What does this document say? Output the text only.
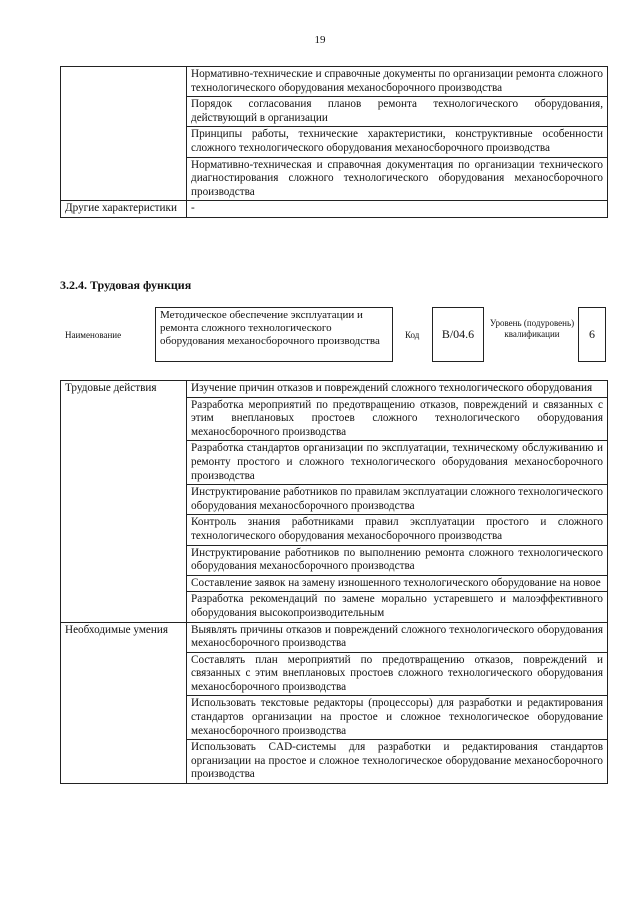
19
	Нормативно-технические и справочные документы по организации ремонта сложного технологического оборудования механосборочного производства
	Порядок согласования планов ремонта технологического оборудования, действующий в организации
	Принципы работы, технические характеристики, конструктивные особенности сложного технологического оборудования механосборочного производства
	Нормативно-техническая и справочная документация по организации технического диагностирования сложного технологического оборудования механосборочного производства
Другие характеристики	-
3.2.4. Трудовая функция
Наименование
Методическое обеспечение эксплуатации и ремонта сложного технологического оборудования механосборочного производства
Код	B/04.6
Уровень (подуровень) квалификации	6
Трудовые действия	Изучение причин отказов и повреждений сложного технологического оборудования
	Разработка мероприятий по предотвращению отказов, повреждений и связанных с этим внеплановых простоев сложного технологического оборудования механосборочного производства
	Разработка стандартов организации по эксплуатации, техническому обслуживанию и ремонту простого и сложного технологического оборудования механосборочного производства
	Инструктирование работников по правилам эксплуатации сложного технологического оборудования механосборочного производства
	Контроль знания работниками правил эксплуатации простого и сложного технологического оборудования механосборочного производства
	Инструктирование работников по выполнению ремонта сложного технологического оборудования механосборочного производства
	Составление заявок на замену изношенного технологического оборудование на новое
	Разработка рекомендаций по замене морально устаревшего и малоэффективного оборудования высокопроизводительным
Необходимые умения	Выявлять причины отказов и повреждений сложного технологического оборудования механосборочного производства
	Составлять план мероприятий по предотвращению отказов, повреждений и связанных с этим внеплановых простоев сложного технологического оборудования механосборочного производства
	Использовать текстовые редакторы (процессоры) для разработки и редактирования стандартов организации на простое и сложное технологическое оборудование механосборочного производства
	Использовать CAD-системы для разработки и редактирования стандартов организации на простое и сложное технологическое оборудование механосборочного производства
